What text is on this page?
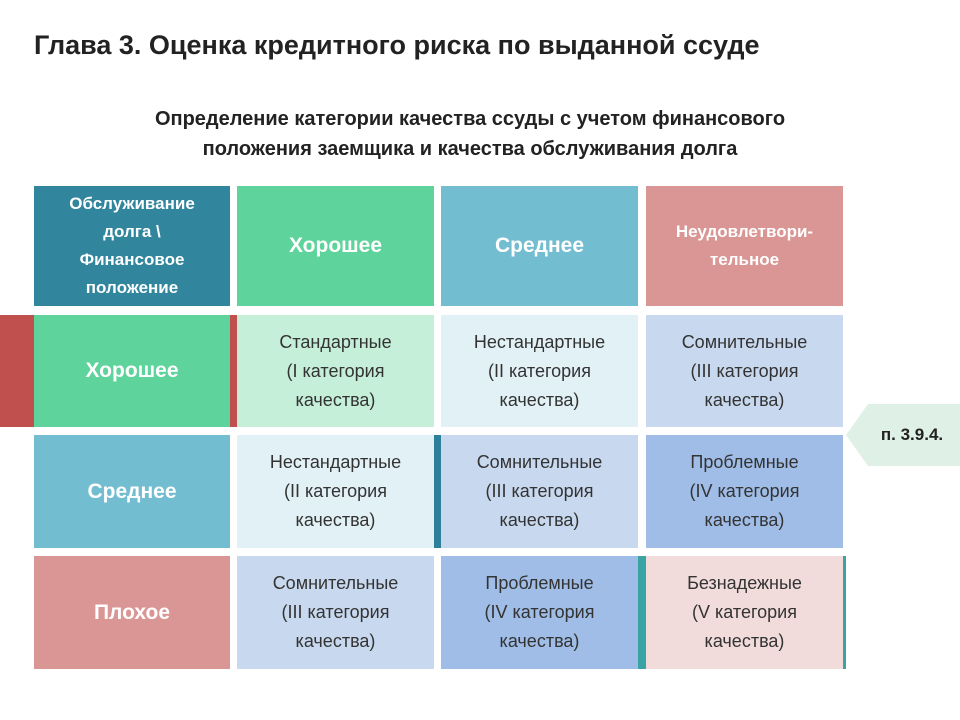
Глава 3. Оценка кредитного риска по выданной ссуде
Определение категории качества ссуды с учетом финансового
положения заемщика и качества обслуживания долга
Обслуживание
долга \
Финансовое
положение
Хорошее	Среднее
Неудовлетвори-
тельное
Хорошее
Стандартные
(I категория
качества)
Нестандартные
(II категория
качества)
Сомнительные
(III категория
качества)
Среднее
Нестандартные
(II категория
качества)
Сомнительные
(III категория
качества)
Проблемные
(IV категория
качества)
Плохое
Сомнительные
(III категория
качества)
Проблемные
(IV категория
качества)
Безнадежные
(V категория
качества)
п. 3.9.4.
